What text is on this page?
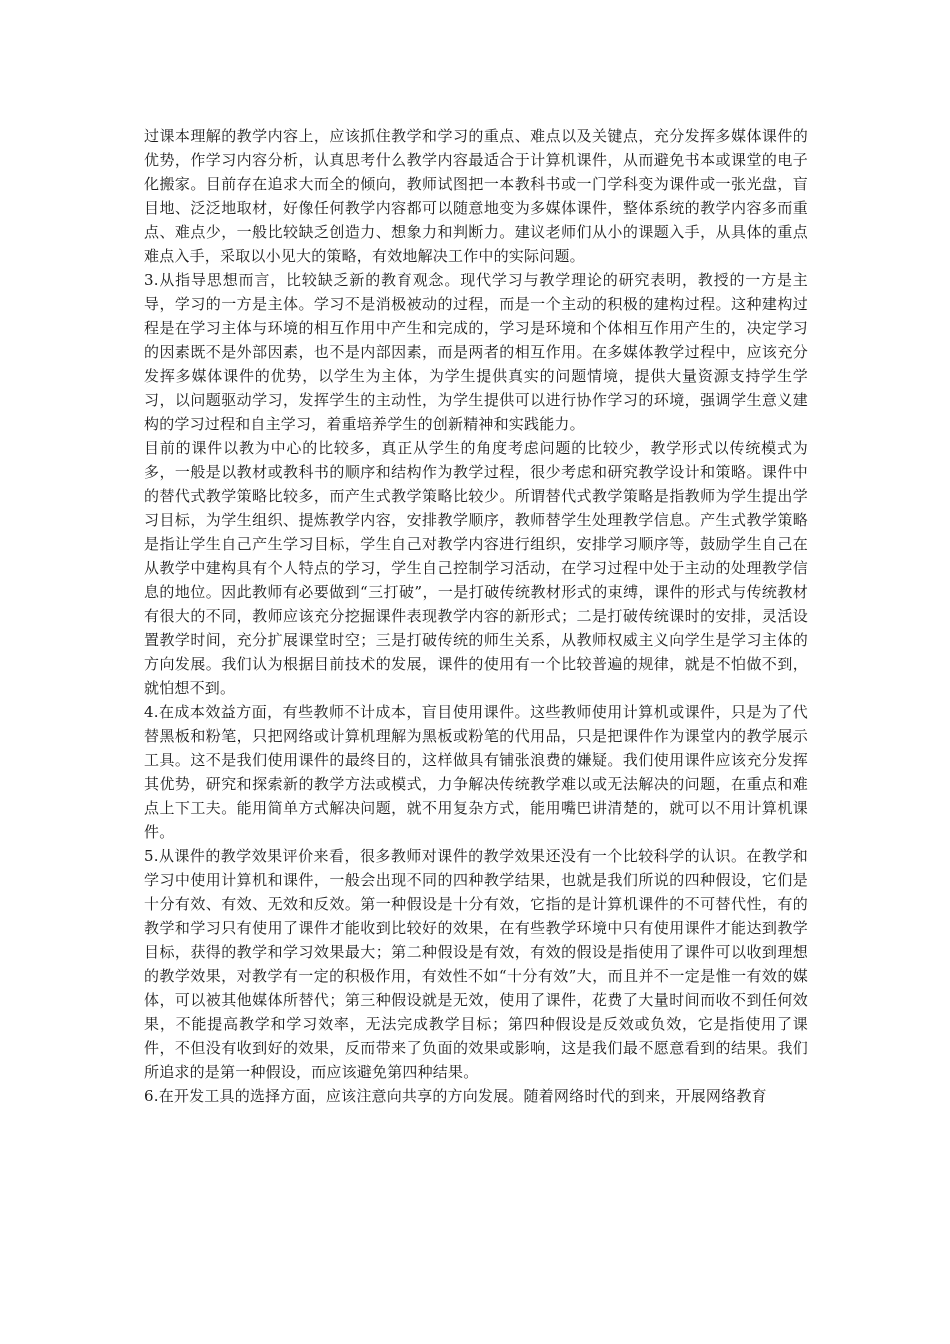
过课本理解的教学内容上，应该抓住教学和学习的重点、难点以及关键点，充分发挥多媒体课件的优势，作学习内容分析，认真思考什么教学内容最适合于计算机课件，从而避免书本或课堂的电子化搬家。目前存在追求大而全的倾向，教师试图把一本教科书或一门学科变为课件或一张光盘，盲目地、泛泛地取材，好像任何教学内容都可以随意地变为多媒体课件，整体系统的教学内容多而重点、难点少，一般比较缺乏创造力、想象力和判断力。建议老师们从小的课题入手，从具体的重点难点入手，采取以小见大的策略，有效地解决工作中的实际问题。

3.从指导思想而言，比较缺乏新的教育观念。现代学习与教学理论的研究表明，教授的一方是主导，学习的一方是主体。学习不是消极被动的过程，而是一个主动的积极的建构过程。这种建构过程是在学习主体与环境的相互作用中产生和完成的，学习是环境和个体相互作用产生的，决定学习的因素既不是外部因素，也不是内部因素，而是两者的相互作用。在多媒体教学过程中，应该充分发挥多媒体课件的优势，以学生为主体，为学生提供真实的问题情境，提供大量资源支持学生学习，以问题驱动学习，发挥学生的主动性，为学生提供可以进行协作学习的环境，强调学生意义建构的学习过程和自主学习，着重培养学生的创新精神和实践能力。

目前的课件以教为中心的比较多，真正从学生的角度考虑问题的比较少，教学形式以传统模式为多，一般是以教材或教科书的顺序和结构作为教学过程，很少考虑和研究教学设计和策略。课件中的替代式教学策略比较多，而产生式教学策略比较少。所谓替代式教学策略是指教师为学生提出学习目标，为学生组织、提炼教学内容，安排教学顺序，教师替学生处理教学信息。产生式教学策略是指让学生自己产生学习目标，学生自己对教学内容进行组织，安排学习顺序等，鼓励学生自己在从教学中建构具有个人特点的学习，学生自己控制学习活动，在学习过程中处于主动的处理教学信息的地位。因此教师有必要做到“三打破”，一是打破传统教材形式的束缚，课件的形式与传统教材有很大的不同，教师应该充分挖掘课件表现教学内容的新形式；二是打破传统课时的安排，灵活设置教学时间，充分扩展课堂时空；三是打破传统的师生关系，从教师权威主义向学生是学习主体的方向发展。我们认为根据目前技术的发展，课件的使用有一个比较普遍的规律，就是不怕做不到，就怕想不到。

4.在成本效益方面，有些教师不计成本，盲目使用课件。这些教师使用计算机或课件，只是为了代替黑板和粉笔，只把网络或计算机理解为黑板或粉笔的代用品，只是把课件作为课堂内的教学展示工具。这不是我们使用课件的最终目的，这样做具有铺张浪费的嫌疑。我们使用课件应该充分发挥其优势，研究和探索新的教学方法或模式，力争解决传统教学难以或无法解决的问题，在重点和难点上下工夫。能用简单方式解决问题，就不用复杂方式，能用嘴巴讲清楚的，就可以不用计算机课件。

5.从课件的教学效果评价来看，很多教师对课件的教学效果还没有一个比较科学的认识。在教学和学习中使用计算机和课件，一般会出现不同的四种教学结果，也就是我们所说的四种假设，它们是十分有效、有效、无效和反效。第一种假设是十分有效，它指的是计算机课件的不可替代性，有的教学和学习只有使用了课件才能收到比较好的效果，在有些教学环境中只有使用课件才能达到教学目标，获得的教学和学习效果最大；第二种假设是有效，有效的假设是指使用了课件可以收到理想的教学效果，对教学有一定的积极作用，有效性不如“十分有效”大，而且并不一定是惟一有效的媒体，可以被其他媒体所替代；第三种假设就是无效，使用了课件，花费了大量时间而收不到任何效果，不能提高教学和学习效率，无法完成教学目标；第四种假设是反效或负效，它是指使用了课件，不但没有收到好的效果，反而带来了负面的效果或影响，这是我们最不愿意看到的结果。我们所追求的是第一种假设，而应该避免第四种结果。

6.在开发工具的选择方面，应该注意向共享的方向发展。随着网络时代的到来，开展网络教育
